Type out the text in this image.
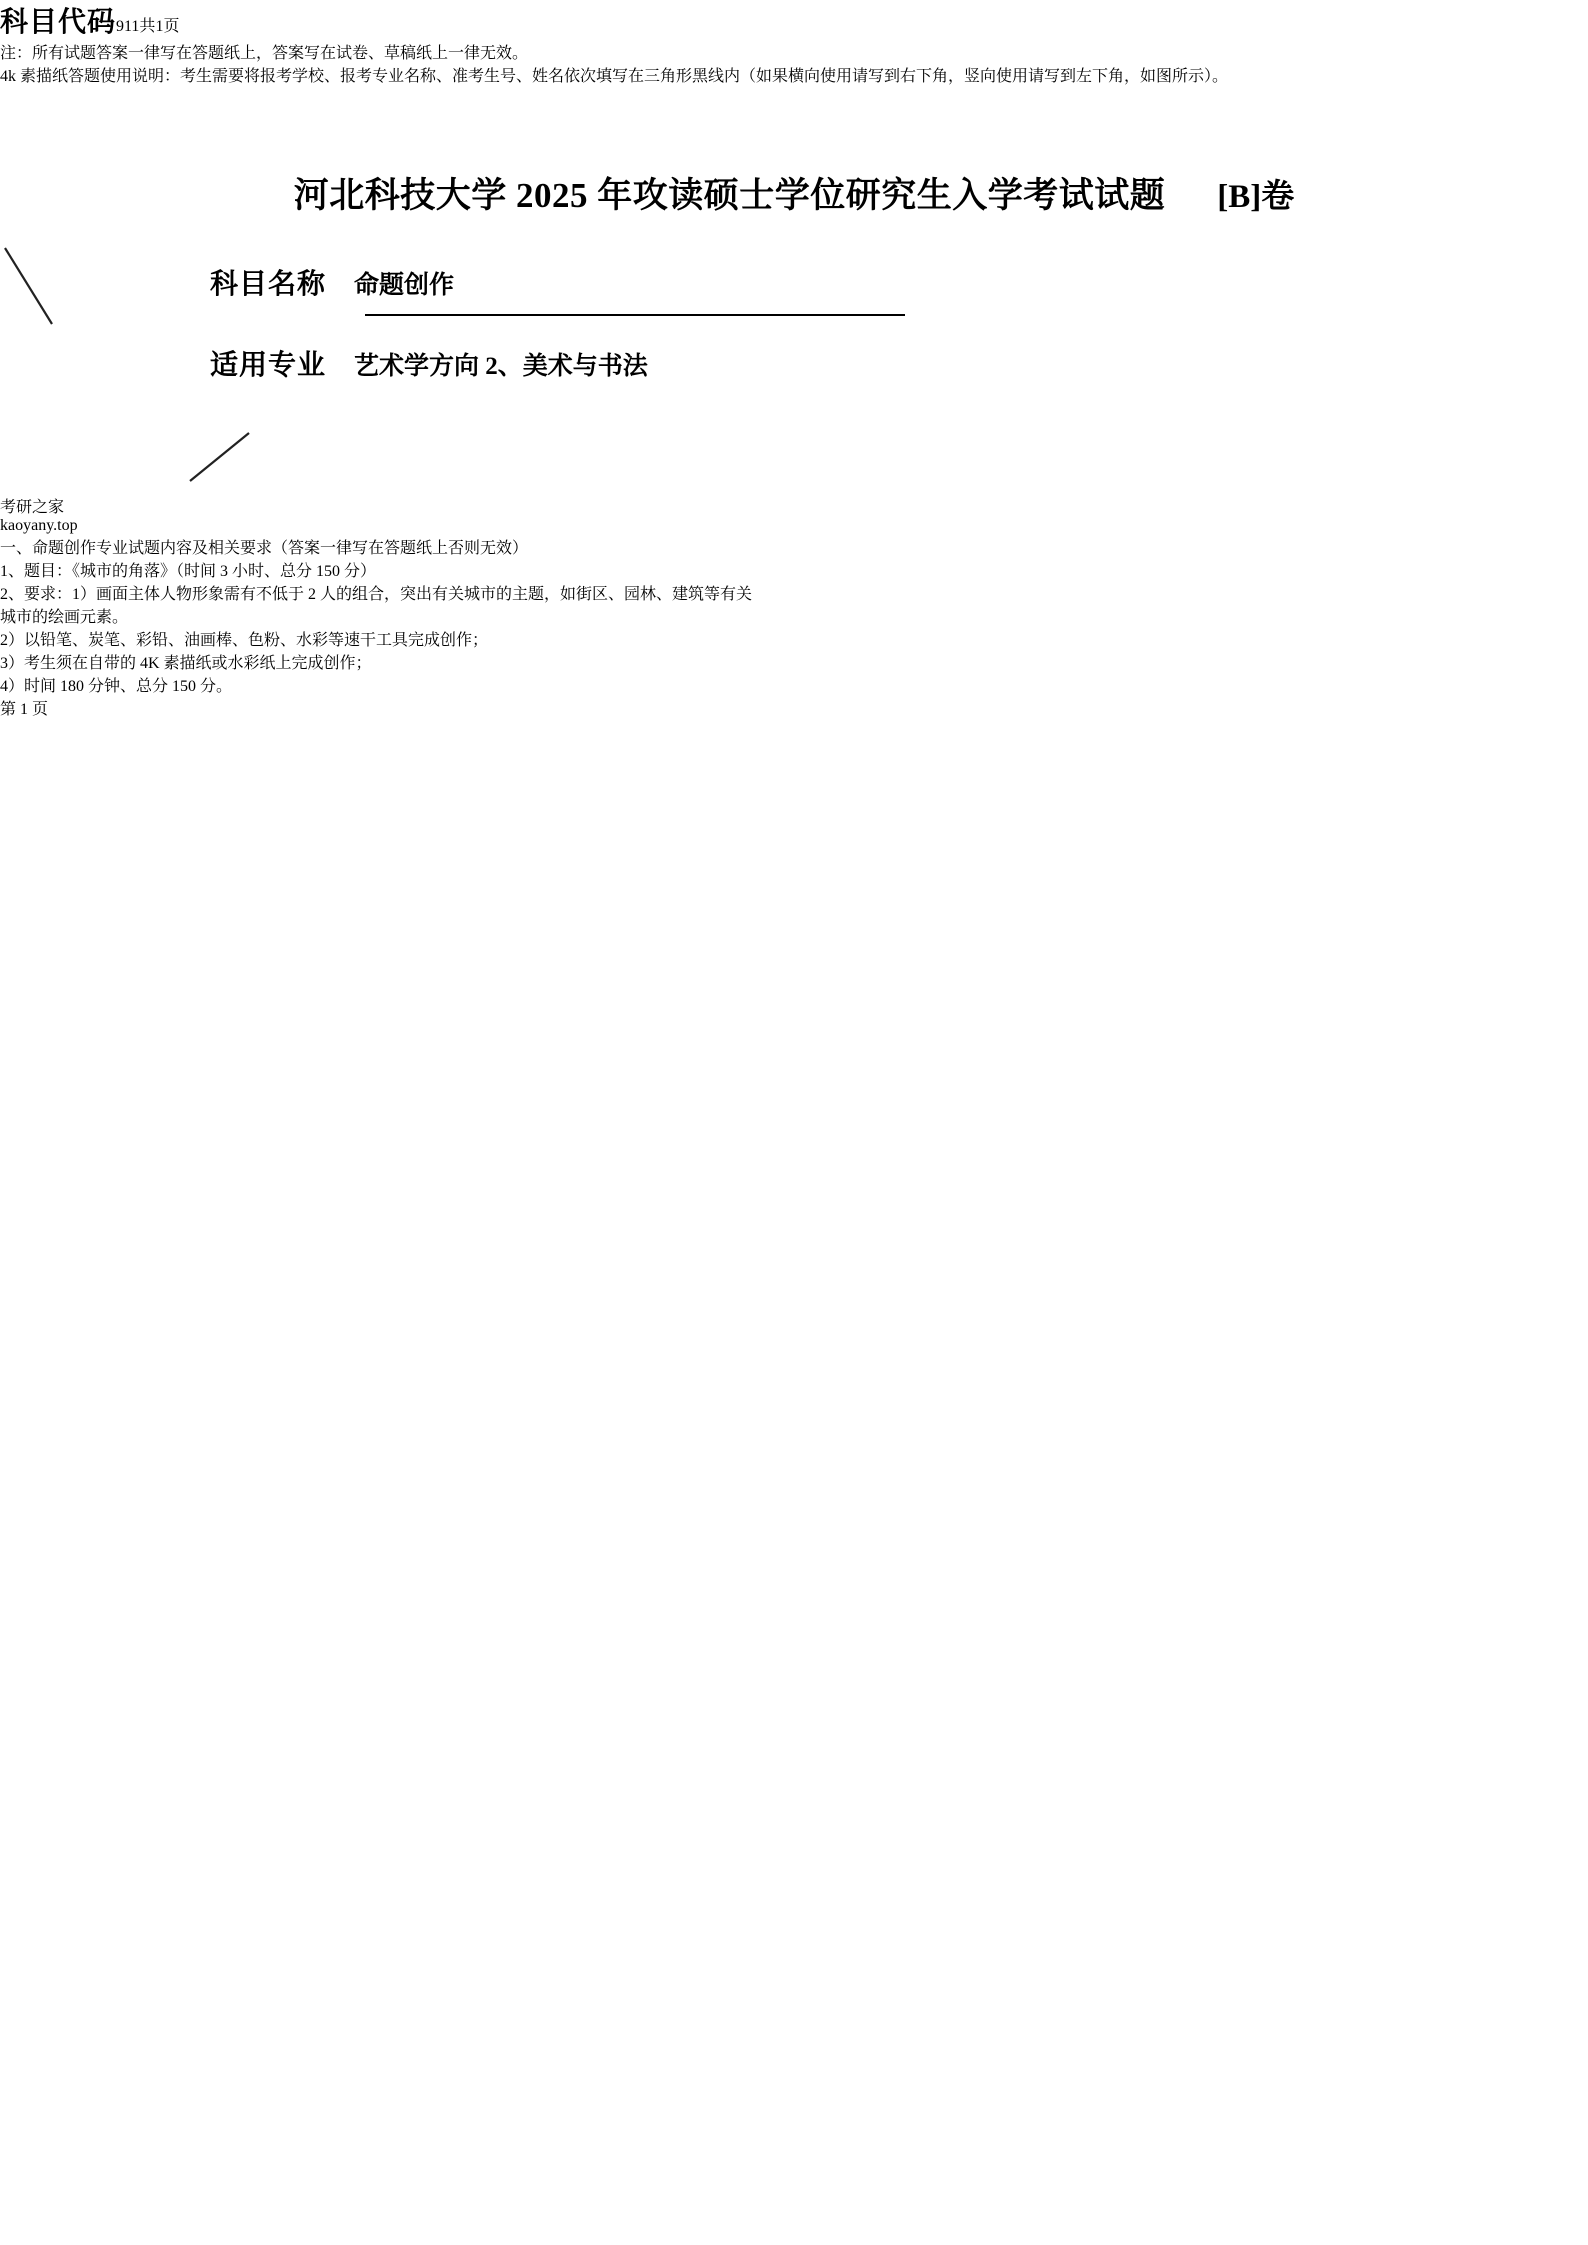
河北科技大学 2025 年攻读硕士学位研究生入学考试试题 [B]卷
科目名称 命题创作
科目代码911共1页
适用专业 艺术学方向 2、美术与书法
注：所有试题答案一律写在答题纸上，答案写在试卷、草稿纸上一律无效。
4k 素描纸答题使用说明：考生需要将报考学校、报考专业名称、准考生号、姓名依次填写在三角形黑线内（如果横向使用请写到右下角，竖向使用请写到左下角，如图所示）。
考研之家
kaoyany.top
一、命题创作专业试题内容及相关要求（答案一律写在答题纸上否则无效）
1、题目：《城市的角落》（时间 3 小时、总分 150 分）
2、要求：1）画面主体人物形象需有不低于 2 人的组合，突出有关城市的主题，如街区、园林、建筑等有关
城市的绘画元素。
2）以铅笔、炭笔、彩铅、油画棒、色粉、水彩等速干工具完成创作；
3）考生须在自带的 4K 素描纸或水彩纸上完成创作；
4）时间 180 分钟、总分 150 分。
第 1 页
